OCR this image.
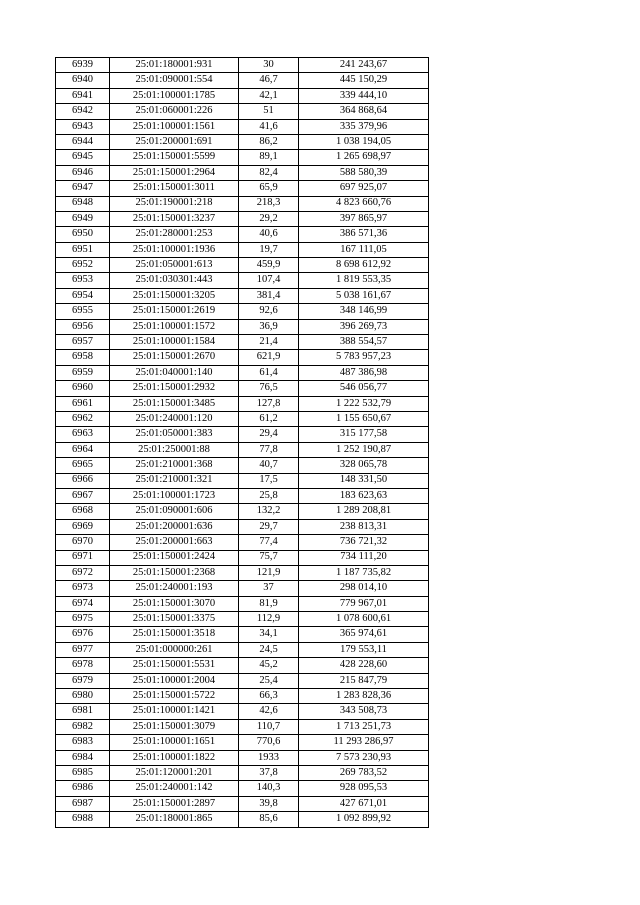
6939	25:01:180001:931	30	241 243,67
6940	25:01:090001:554	46,7	445 150,29
6941	25:01:100001:1785	42,1	339 444,10
6942	25:01:060001:226	51	364 868,64
6943	25:01:100001:1561	41,6	335 379,96
6944	25:01:200001:691	86,2	1 038 194,05
6945	25:01:150001:5599	89,1	1 265 698,97
6946	25:01:150001:2964	82,4	588 580,39
6947	25:01:150001:3011	65,9	697 925,07
6948	25:01:190001:218	218,3	4 823 660,76
6949	25:01:150001:3237	29,2	397 865,97
6950	25:01:280001:253	40,6	386 571,36
6951	25:01:100001:1936	19,7	167 111,05
6952	25:01:050001:613	459,9	8 698 612,92
6953	25:01:030301:443	107,4	1 819 553,35
6954	25:01:150001:3205	381,4	5 038 161,67
6955	25:01:150001:2619	92,6	348 146,99
6956	25:01:100001:1572	36,9	396 269,73
6957	25:01:100001:1584	21,4	388 554,57
6958	25:01:150001:2670	621,9	5 783 957,23
6959	25:01:040001:140	61,4	487 386,98
6960	25:01:150001:2932	76,5	546 056,77
6961	25:01:150001:3485	127,8	1 222 532,79
6962	25:01:240001:120	61,2	1 155 650,67
6963	25:01:050001:383	29,4	315 177,58
6964	25:01:250001:88	77,8	1 252 190,87
6965	25:01:210001:368	40,7	328 065,78
6966	25:01:210001:321	17,5	148 331,50
6967	25:01:100001:1723	25,8	183 623,63
6968	25:01:090001:606	132,2	1 289 208,81
6969	25:01:200001:636	29,7	238 813,31
6970	25:01:200001:663	77,4	736 721,32
6971	25:01:150001:2424	75,7	734 111,20
6972	25:01:150001:2368	121,9	1 187 735,82
6973	25:01:240001:193	37	298 014,10
6974	25:01:150001:3070	81,9	779 967,01
6975	25:01:150001:3375	112,9	1 078 600,61
6976	25:01:150001:3518	34,1	365 974,61
6977	25:01:000000:261	24,5	179 553,11
6978	25:01:150001:5531	45,2	428 228,60
6979	25:01:100001:2004	25,4	215 847,79
6980	25:01:150001:5722	66,3	1 283 828,36
6981	25:01:100001:1421	42,6	343 508,73
6982	25:01:150001:3079	110,7	1 713 251,73
6983	25:01:100001:1651	770,6	11 293 286,97
6984	25:01:100001:1822	1933	7 573 230,93
6985	25:01:120001:201	37,8	269 783,52
6986	25:01:240001:142	140,3	928 095,53
6987	25:01:150001:2897	39,8	427 671,01
6988	25:01:180001:865	85,6	1 092 899,92
